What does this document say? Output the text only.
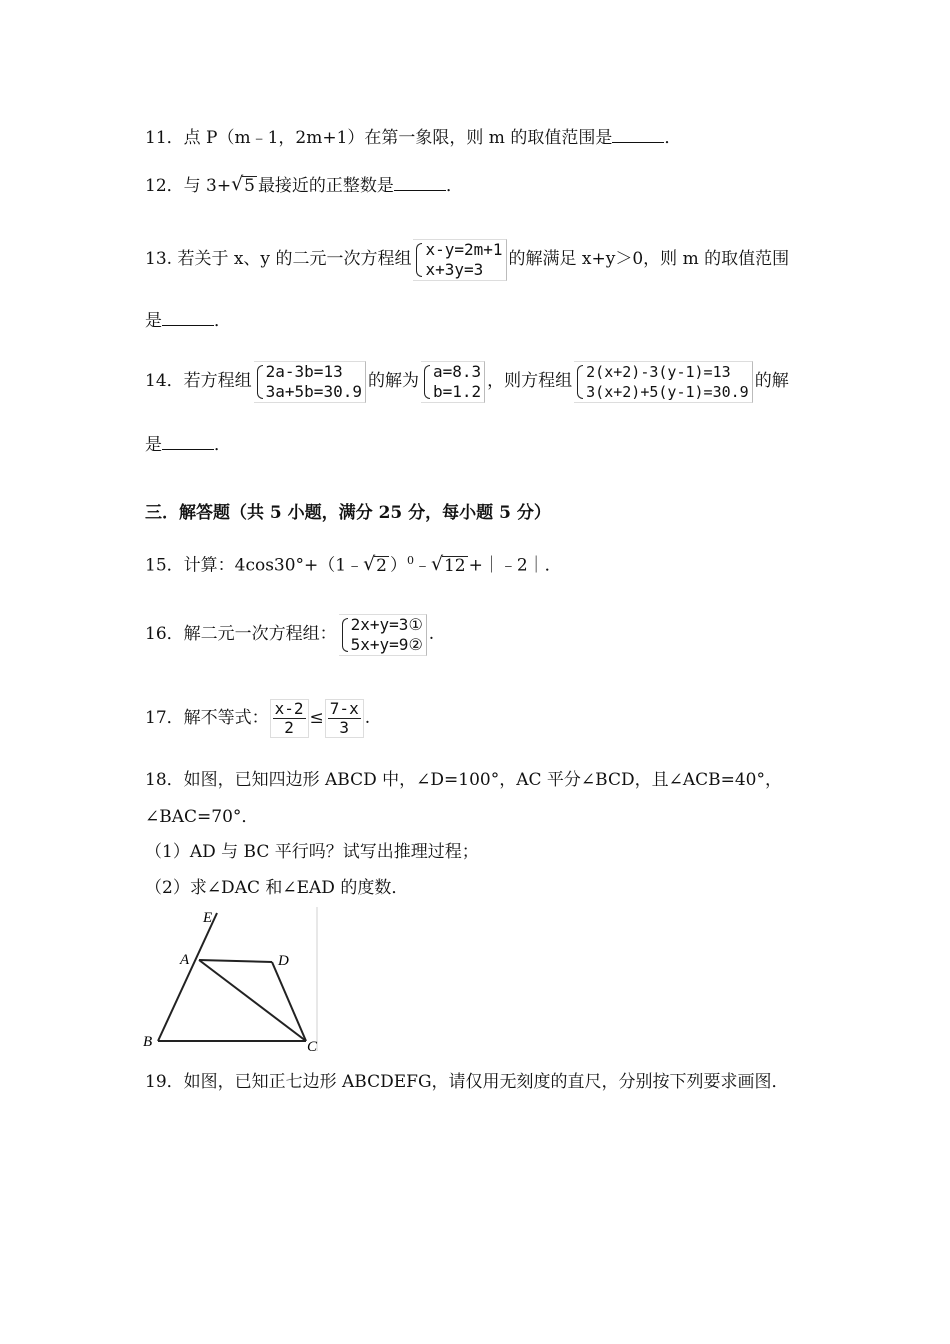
11．点 P（m﹣1，2m+1）在第一象限，则 m 的取值范围是	．
12．与 3+ √ 5 最接近的正整数是	．
13. 若关于 x、y 的二元一次方程组 x-y=2m+1
x+3y=3	的解满足 x+y＞0，则 m 的取值范围
是	．
14．若方程组 2a-3b=13
3a+5b=30.9 的解为 a=8.3
b=1.2 ，则方程组 2(x+2)-3(y-1)=13
3(x+2)+5(y-1)=30.9
的解
是	．
三．解答题（共 5 小题，满分 25 分，每小题 5 分）
15．计算：4cos30°+（1﹣ √ 2 ）$^0$﹣ √ 12 +｜﹣2｜．
16．解二元一次方程组： 2x+y=3①
5x+y=9② .
17．解不等式： $\frac{x-2}{2} \le \frac{7-x}{3}$ .
18．如图，已知四边形 ABCD 中，∠D=100°，AC 平分∠BCD，且∠ACB=40°，
∠BAC=70°．
（1）AD 与 BC 平行吗？试写出推理过程；
（2）求∠DAC 和∠EAD 的度数．
E
A	D
B	C
19．如图，已知正七边形 ABCDEFG，请仅用无刻度的直尺，分别按下列要求画图．
